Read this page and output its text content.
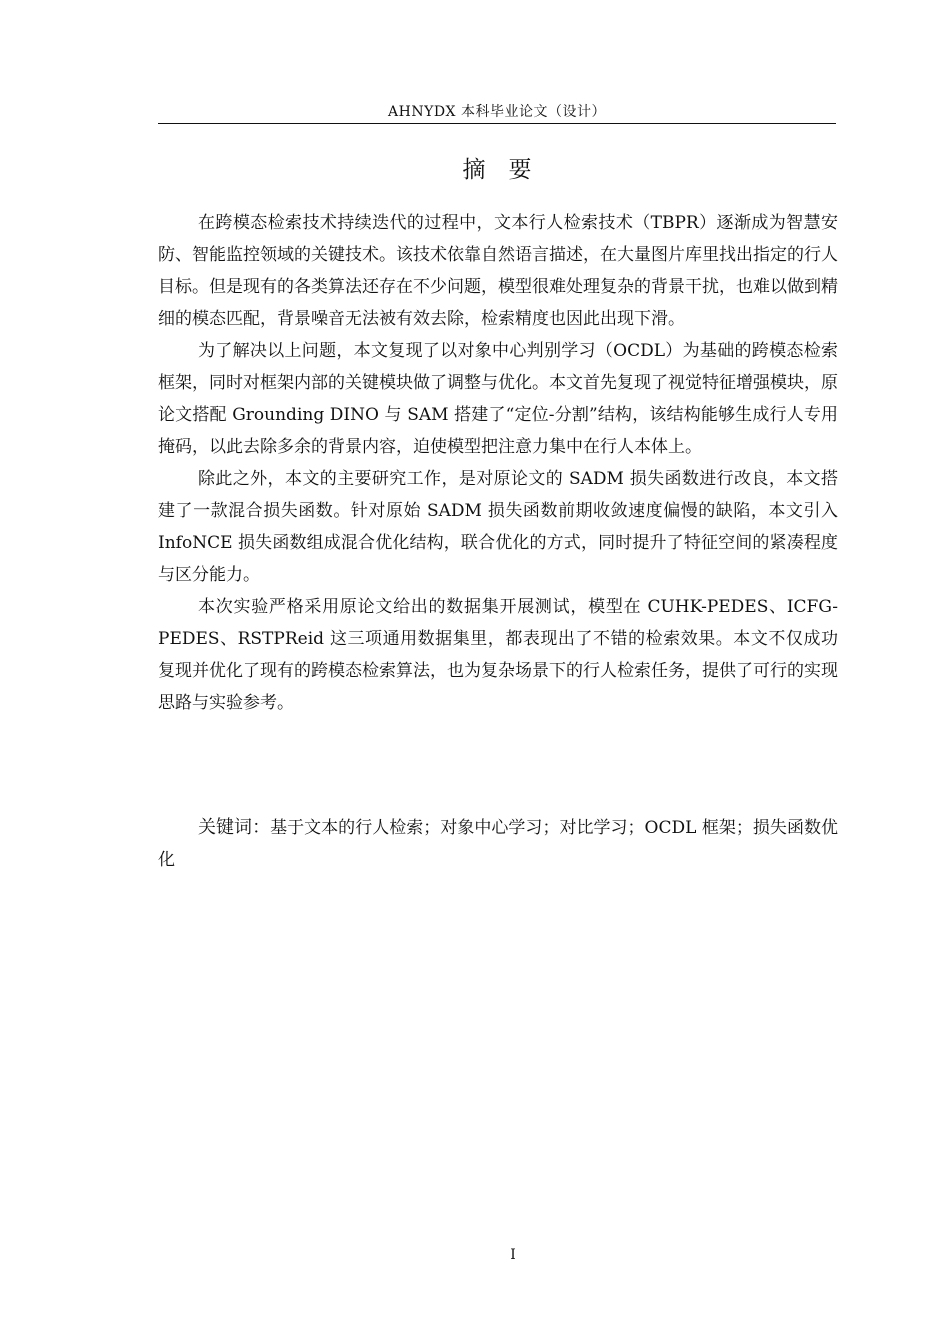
AHNYDX 本科毕业论文（设计）
摘　要

在跨模态检索技术持续迭代的过程中，文本行人检索技术（TBPR）逐渐成为智慧安防、智能监控领域的关键技术。该技术依靠自然语言描述，在大量图片库里找出指定的行人目标。但是现有的各类算法还存在不少问题，模型很难处理复杂的背景干扰，也难以做到精细的模态匹配，背景噪音无法被有效去除，检索精度也因此出现下滑。

为了解决以上问题，本文复现了以对象中心判别学习（OCDL）为基础的跨模态检索框架，同时对框架内部的关键模块做了调整与优化。本文首先复现了视觉特征增强模块，原论文搭配 Grounding DINO 与 SAM 搭建了“定位-分割”结构，该结构能够生成行人专用掩码，以此去除多余的背景内容，迫使模型把注意力集中在行人本体上。

除此之外，本文的主要研究工作，是对原论文的 SADM 损失函数进行改良，本文搭建了一款混合损失函数。针对原始 SADM 损失函数前期收敛速度偏慢的缺陷，本文引入 InfoNCE 损失函数组成混合优化结构，联合优化的方式，同时提升了特征空间的紧凑程度与区分能力。

本次实验严格采用原论文给出的数据集开展测试，模型在 CUHK-PEDES、ICFG-PEDES、RSTPReid 这三项通用数据集里，都表现出了不错的检索效果。本文不仅成功复现并优化了现有的跨模态检索算法，也为复杂场景下的行人检索任务，提供了可行的实现思路与实验参考。

关键词：基于文本的行人检索；对象中心学习；对比学习；OCDL 框架；损失函数优化

I
